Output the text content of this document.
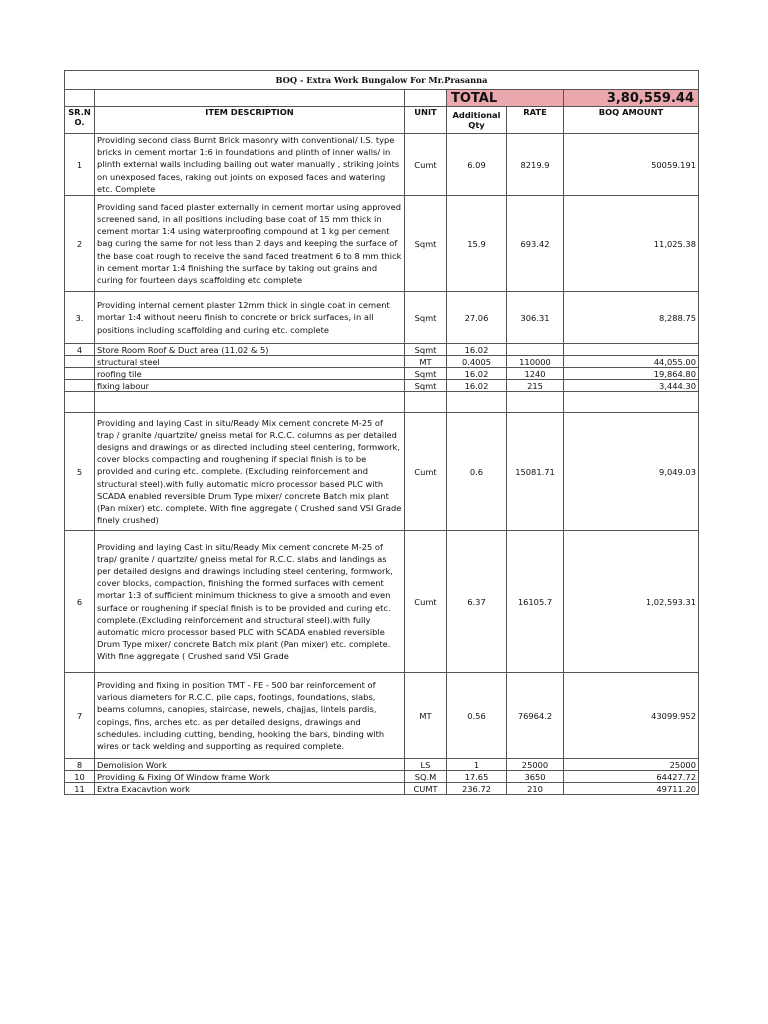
BOQ - Extra Work Bungalow For Mr.Prasanna					
			TOTAL		3,80,559.44
SR.N O.	ITEM DESCRIPTION	UNIT	Additional Qty	RATE	BOQ AMOUNT
1	Providing second class Burnt Brick masonry with conventional/ I.S. type bricks in cement mortar 1:6 in foundations and plinth of inner walls/ in plinth external walls including bailing out water manually , striking joints on unexposed faces, raking out joints on exposed faces and watering etc. Complete	Cumt	6.09	8219.9	50059.191
2	Providing sand faced plaster externally in cement mortar using approved screened sand, in all positions including base coat of 15 mm thick in cement mortar 1:4 using waterproofing compound at 1 kg per cement bag curing the same for not less than 2 days and keeping the surface of the base coat rough to receive the sand faced treatment 6 to 8 mm thick in cement mortar 1:4 finishing the surface by taking out grains and curing for fourteen days scaffolding etc complete	Sqmt	15.9	693.42	11,025.38
3.	Providing internal cement plaster 12mm thick in single coat in cement mortar 1:4 without neeru finish to concrete or brick surfaces, in all positions including scaffolding and curing etc. complete	Sqmt	27.06	306.31	8,288.75
4	Store Room Roof & Duct area (11.02 & 5)	Sqmt	16.02		

	structural steel	MT	0.4005	110000	44,055.00

	roofing tile	Sqmt	16.02	1240	19,864.80

	fixing labour	Sqmt	16.02	215	3,444.30

5	Providing and laying Cast in situ/Ready Mix cement concrete M-25 of trap / granite /quartzite/ gneiss metal for R.C.C. columns as per detailed designs and drawings or as directed including steel centering, formwork, cover blocks compacting and roughening if special finish is to be provided and curing etc. complete. (Excluding reinforcement and structural steel).with fully automatic micro processor based PLC with SCADA enabled reversible Drum Type mixer/ concrete Batch mix plant (Pan mixer) etc. complete. With fine aggregate ( Crushed sand VSI Grade finely crushed)	Cumt	0.6	15081.71	9,049.03
6	Providing and laying Cast in situ/Ready Mix cement concrete M-25 of trap/ granite / quartzite/ gneiss metal for R.C.C. slabs and landings as per detailed designs and drawings including steel centering, formwork, cover blocks, compaction, finishing the formed surfaces with cement mortar 1:3 of sufficient minimum thickness to give a smooth and even surface or roughening if special finish is to be provided and curing etc. complete.(Excluding reinforcement and structural steel).with fully automatic micro processor based PLC with SCADA enabled reversible Drum Type mixer/ concrete Batch mix plant (Pan mixer) etc. complete. With fine aggregate ( Crushed sand VSI Grade	Cumt	6.37	16105.7	1,02,593.31
7	Providing and fixing in position TMT - FE - 500 bar reinforcement of various diameters for R.C.C. pile caps, footings, foundations, slabs, beams columns, canopies, staircase, newels, chajjas, lintels pardis, copings, fins, arches etc. as per detailed designs, drawings and schedules. including cutting, bending, hooking the bars, binding with wires or tack welding and supporting as required complete.	MT	0.56	76964.2	43099.952
8	Demolision Work	LS	1	25000	25000
10	Providing & Fixing Of Window frame Work	SQ.M	17.65	3650	64427.72
11	Extra Exacavtion work	CUMT	236.72	210	49711.20
